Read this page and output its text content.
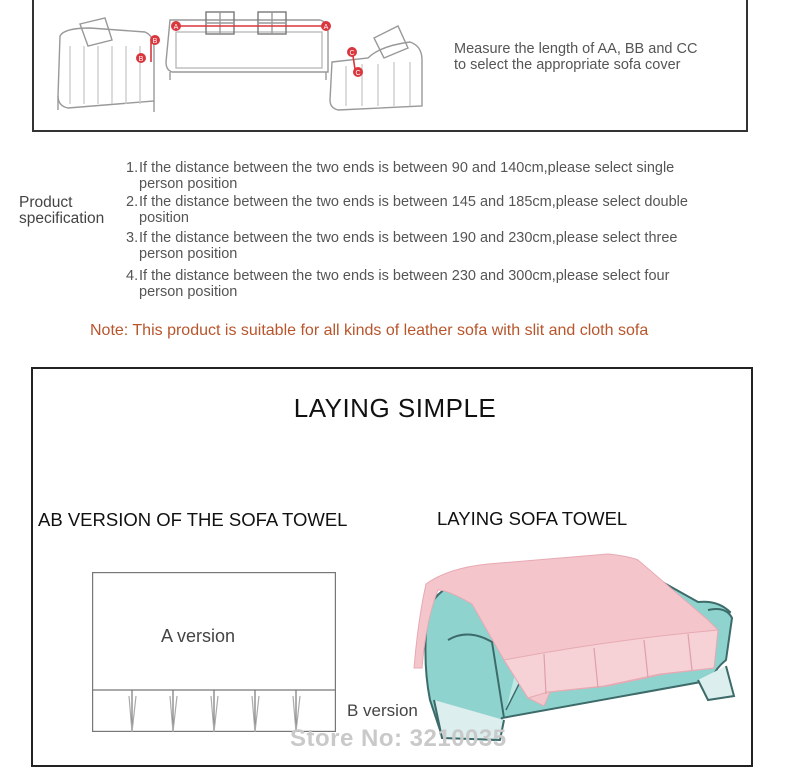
B
B
A	A
C
C
Measure the length of AA, BB and CC
to select the appropriate sofa cover
Product
specification
1. If the distance between the two ends is between 90 and 140cm,please select single
person position
2. If the distance between the two ends is between 145 and 185cm,please select double
position
3. If the distance between the two ends is between 190 and 230cm,please select three
person position
4. If the distance between the two ends is between 230 and 300cm,please select four
person position
Note: This product is suitable for all kinds of leather sofa with slit and cloth sofa
LAYING SIMPLE
AB VERSION OF THE SOFA TOWEL	LAYING SOFA TOWEL
A version
B version
Store No: 3210035
